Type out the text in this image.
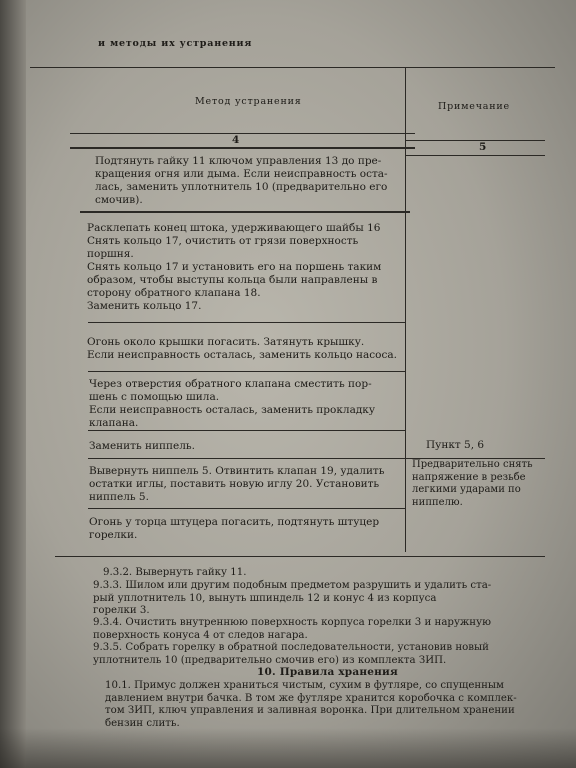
и методы их устранения
Метод устранения	Примечание
4
5
Подтянуть гайку 11 ключом управления 13 до пре-
кращения огня или дыма. Если неисправность оста-
лась, заменить уплотнитель 10 (предварительно его
смочив).
Расклепать конец штока, удерживающего шайбы 16
Снять кольцо 17, очистить от грязи поверхность
поршня.
Снять кольцо 17 и установить его на поршень таким
образом, чтобы выступы кольца были направлены в
сторону обратного клапана 18.
Заменить кольцо 17.
Огонь около крышки погасить. Затянуть крышку.
Если неисправность осталась, заменить кольцо насоса.
Через отверстия обратного клапана сместить пор-
шень с помощью шила.
Если неисправность осталась, заменить прокладку
клапана.
Заменить ниппель.	Пункт 5, 6
Вывернуть ниппель 5. Отвинтить клапан 19, удалить
остатки иглы, поставить новую иглу 20. Установить
ниппель 5.
Предварительно снять
напряжение в резьбе
легкими ударами по
ниппелю.
Огонь у торца штуцера погасить, подтянуть штуцер
горелки.
9.3.2. Вывернуть гайку 11.
9.3.3. Шилом или другим подобным предметом разрушить и удалить ста-
рый уплотнитель 10, вынуть шпиндель 12 и конус 4 из корпуса
горелки 3.
9.3.4. Очистить внутреннюю поверхность корпуса горелки 3 и наружную
поверхность конуса 4 от следов нагара.
9.3.5. Собрать горелку в обратной последовательности, установив новый
уплотнитель 10 (предварительно смочив его) из комплекта ЗИП.
10. Правила хранения
10.1. Примус должен храниться чистым, сухим в футляре, со спущенным
давлением внутри бачка. В том же футляре хранится коробочка с комплек-
том ЗИП, ключ управления и заливная воронка. При длительном хранении
бензин слить.
